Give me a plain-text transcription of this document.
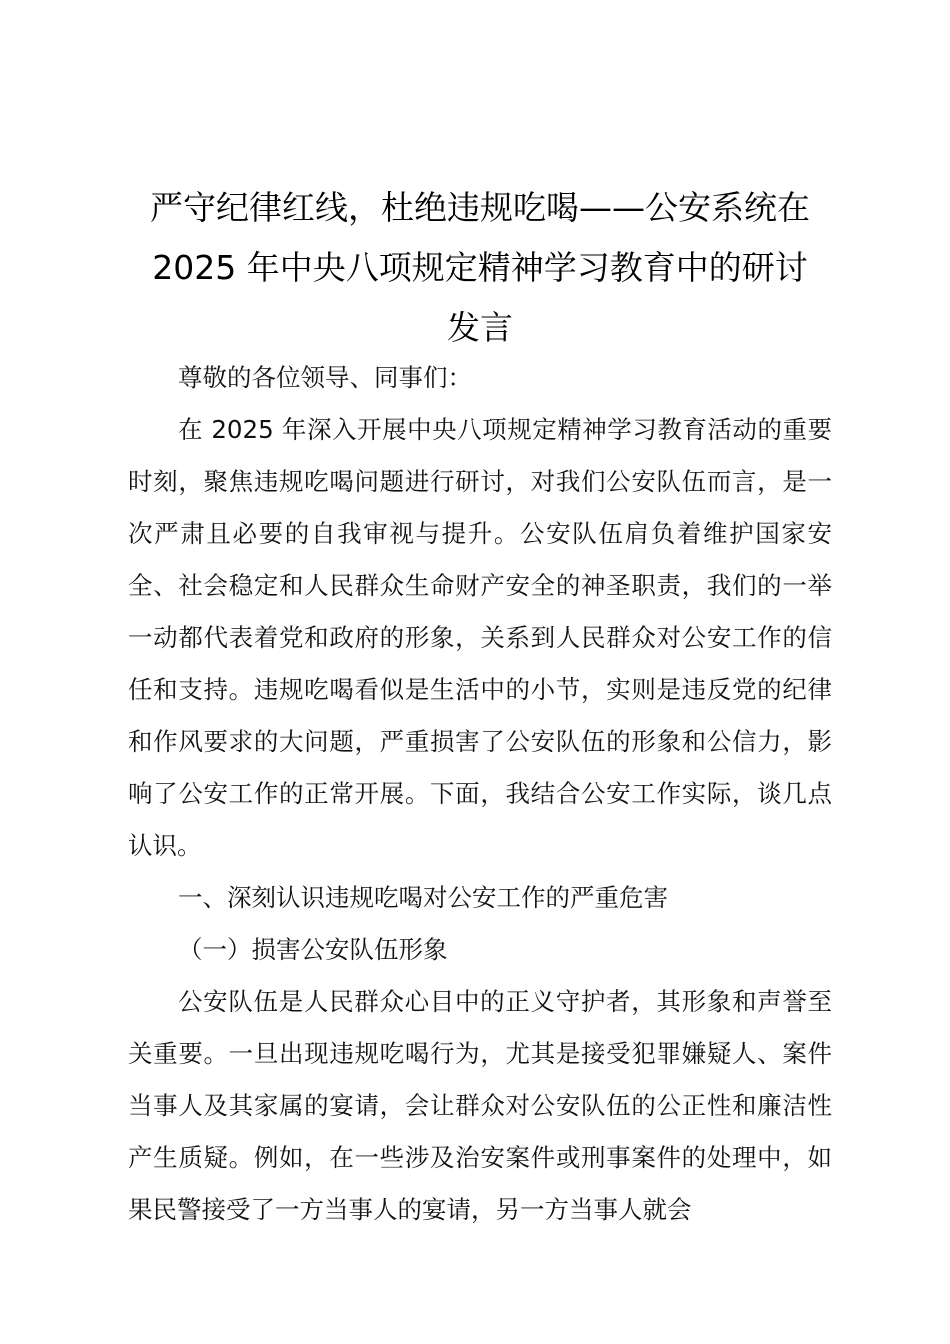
严守纪律红线，杜绝违规吃喝——公安系统在
2025 年中央八项规定精神学习教育中的研讨
发言

尊敬的各位领导、同事们：

在 2025 年深入开展中央八项规定精神学习教育活动的重要时刻，聚焦违规吃喝问题进行研讨，对我们公安队伍而言，是一次严肃且必要的自我审视与提升。公安队伍肩负着维护国家安全、社会稳定和人民群众生命财产安全的神圣职责，我们的一举一动都代表着党和政府的形象，关系到人民群众对公安工作的信任和支持。违规吃喝看似是生活中的小节，实则是违反党的纪律和作风要求的大问题，严重损害了公安队伍的形象和公信力，影响了公安工作的正常开展。下面，我结合公安工作实际，谈几点认识。

一、深刻认识违规吃喝对公安工作的严重危害

（一）损害公安队伍形象

公安队伍是人民群众心目中的正义守护者，其形象和声誉至关重要。一旦出现违规吃喝行为，尤其是接受犯罪嫌疑人、案件当事人及其家属的宴请，会让群众对公安队伍的公正性和廉洁性产生质疑。例如，在一些涉及治安案件或刑事案件的处理中，如果民警接受了一方当事人的宴请，另一方当事人就会
